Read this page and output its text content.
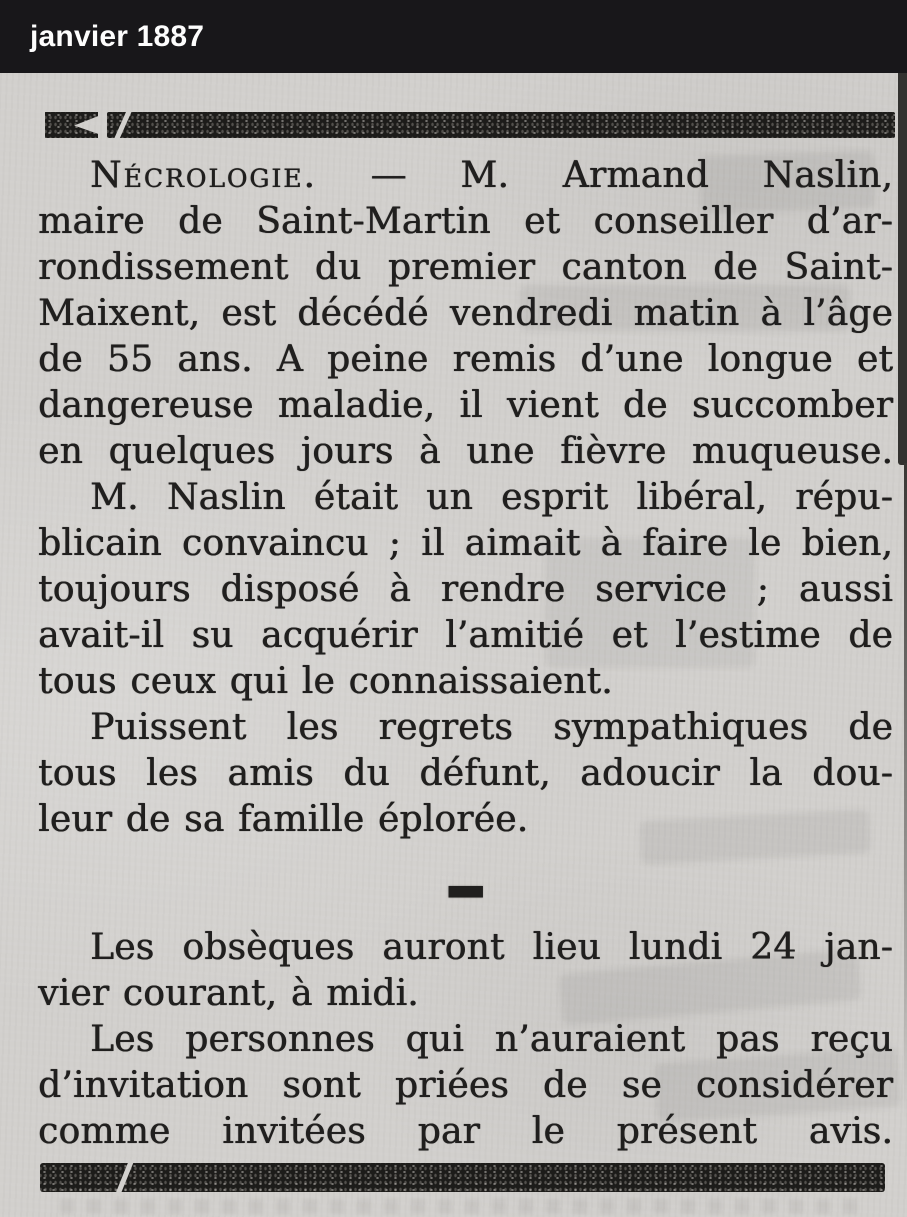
janvier 1887
Nécrologie. — M. Armand Naslin,
maire de Saint-Martin et conseiller d’ar-
rondissement du premier canton de Saint-
Maixent, est décédé vendredi matin à l’âge
de 55 ans. A peine remis d’une longue et
dangereuse maladie, il vient de succomber
en quelques jours à une fièvre muqueuse.
M. Naslin était un esprit libéral, répu-
blicain convaincu ; il aimait à faire le bien,
toujours disposé à rendre service ; aussi
avait-il su acquérir l’amitié et l’estime de
tous ceux qui le connaissaient.
Puissent les regrets sympathiques de
tous les amis du défunt, adoucir la dou-
leur de sa famille éplorée.
—
Les obsèques auront lieu lundi 24 jan-
vier courant, à midi.
Les personnes qui n’auraient pas reçu
d’invitation sont priées de se considérer
comme invitées par le présent avis.
